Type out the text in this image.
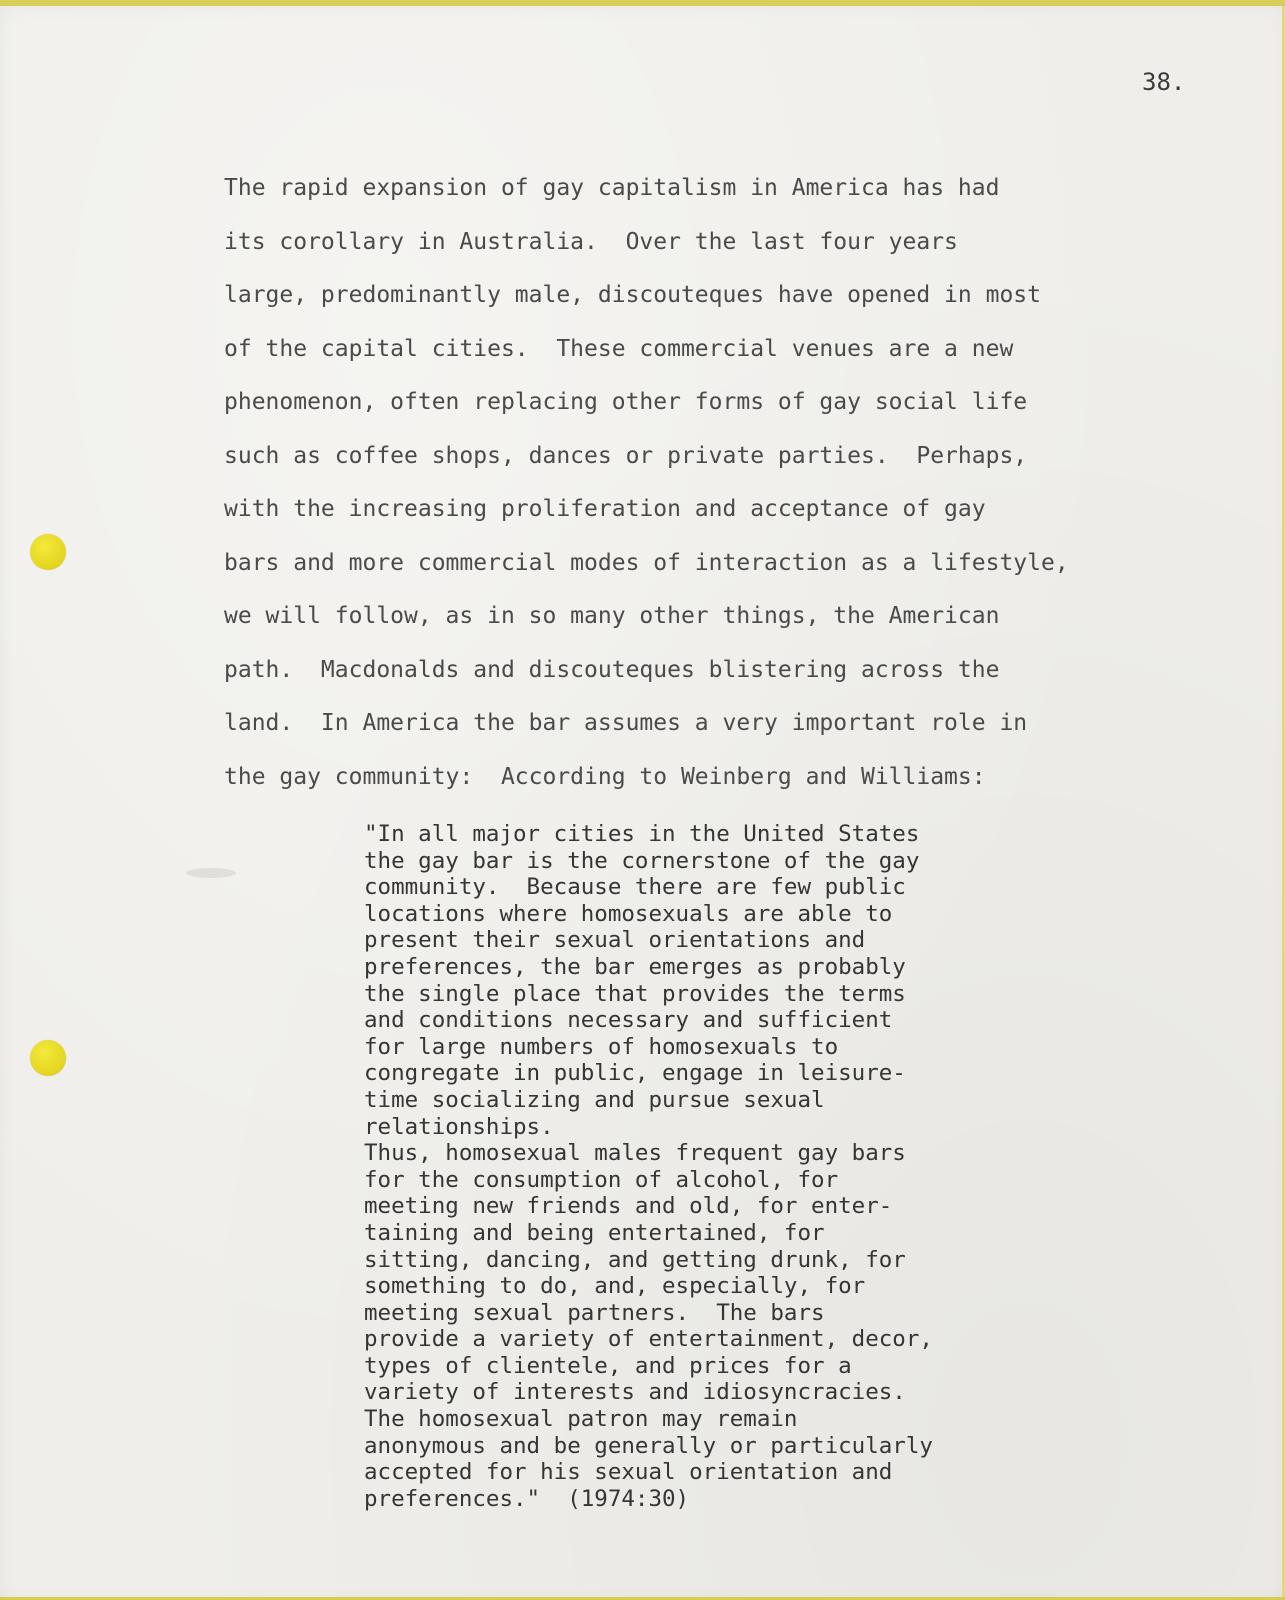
38.

The rapid expansion of gay capitalism in America has had
its corollary in Australia.  Over the last four years
large, predominantly male, discouteques have opened in most
of the capital cities.  These commercial venues are a new
phenomenon, often replacing other forms of gay social life
such as coffee shops, dances or private parties.  Perhaps,
with the increasing proliferation and acceptance of gay
bars and more commercial modes of interaction as a lifestyle,
we will follow, as in so many other things, the American
path.  Macdonalds and discouteques blistering across the
land.  In America the bar assumes a very important role in
the gay community:  According to Weinberg and Williams:
"In all major cities in the United States
the gay bar is the cornerstone of the gay
community.  Because there are few public
locations where homosexuals are able to
present their sexual orientations and
preferences, the bar emerges as probably
the single place that provides the terms
and conditions necessary and sufficient
for large numbers of homosexuals to
congregate in public, engage in leisure-
time socializing and pursue sexual
relationships.
Thus, homosexual males frequent gay bars
for the consumption of alcohol, for
meeting new friends and old, for enter-
taining and being entertained, for
sitting, dancing, and getting drunk, for
something to do, and, especially, for
meeting sexual partners.  The bars
provide a variety of entertainment, decor,
types of clientele, and prices for a
variety of interests and idiosyncracies.
The homosexual patron may remain
anonymous and be generally or particularly
accepted for his sexual orientation and
preferences."  (1974:30)
